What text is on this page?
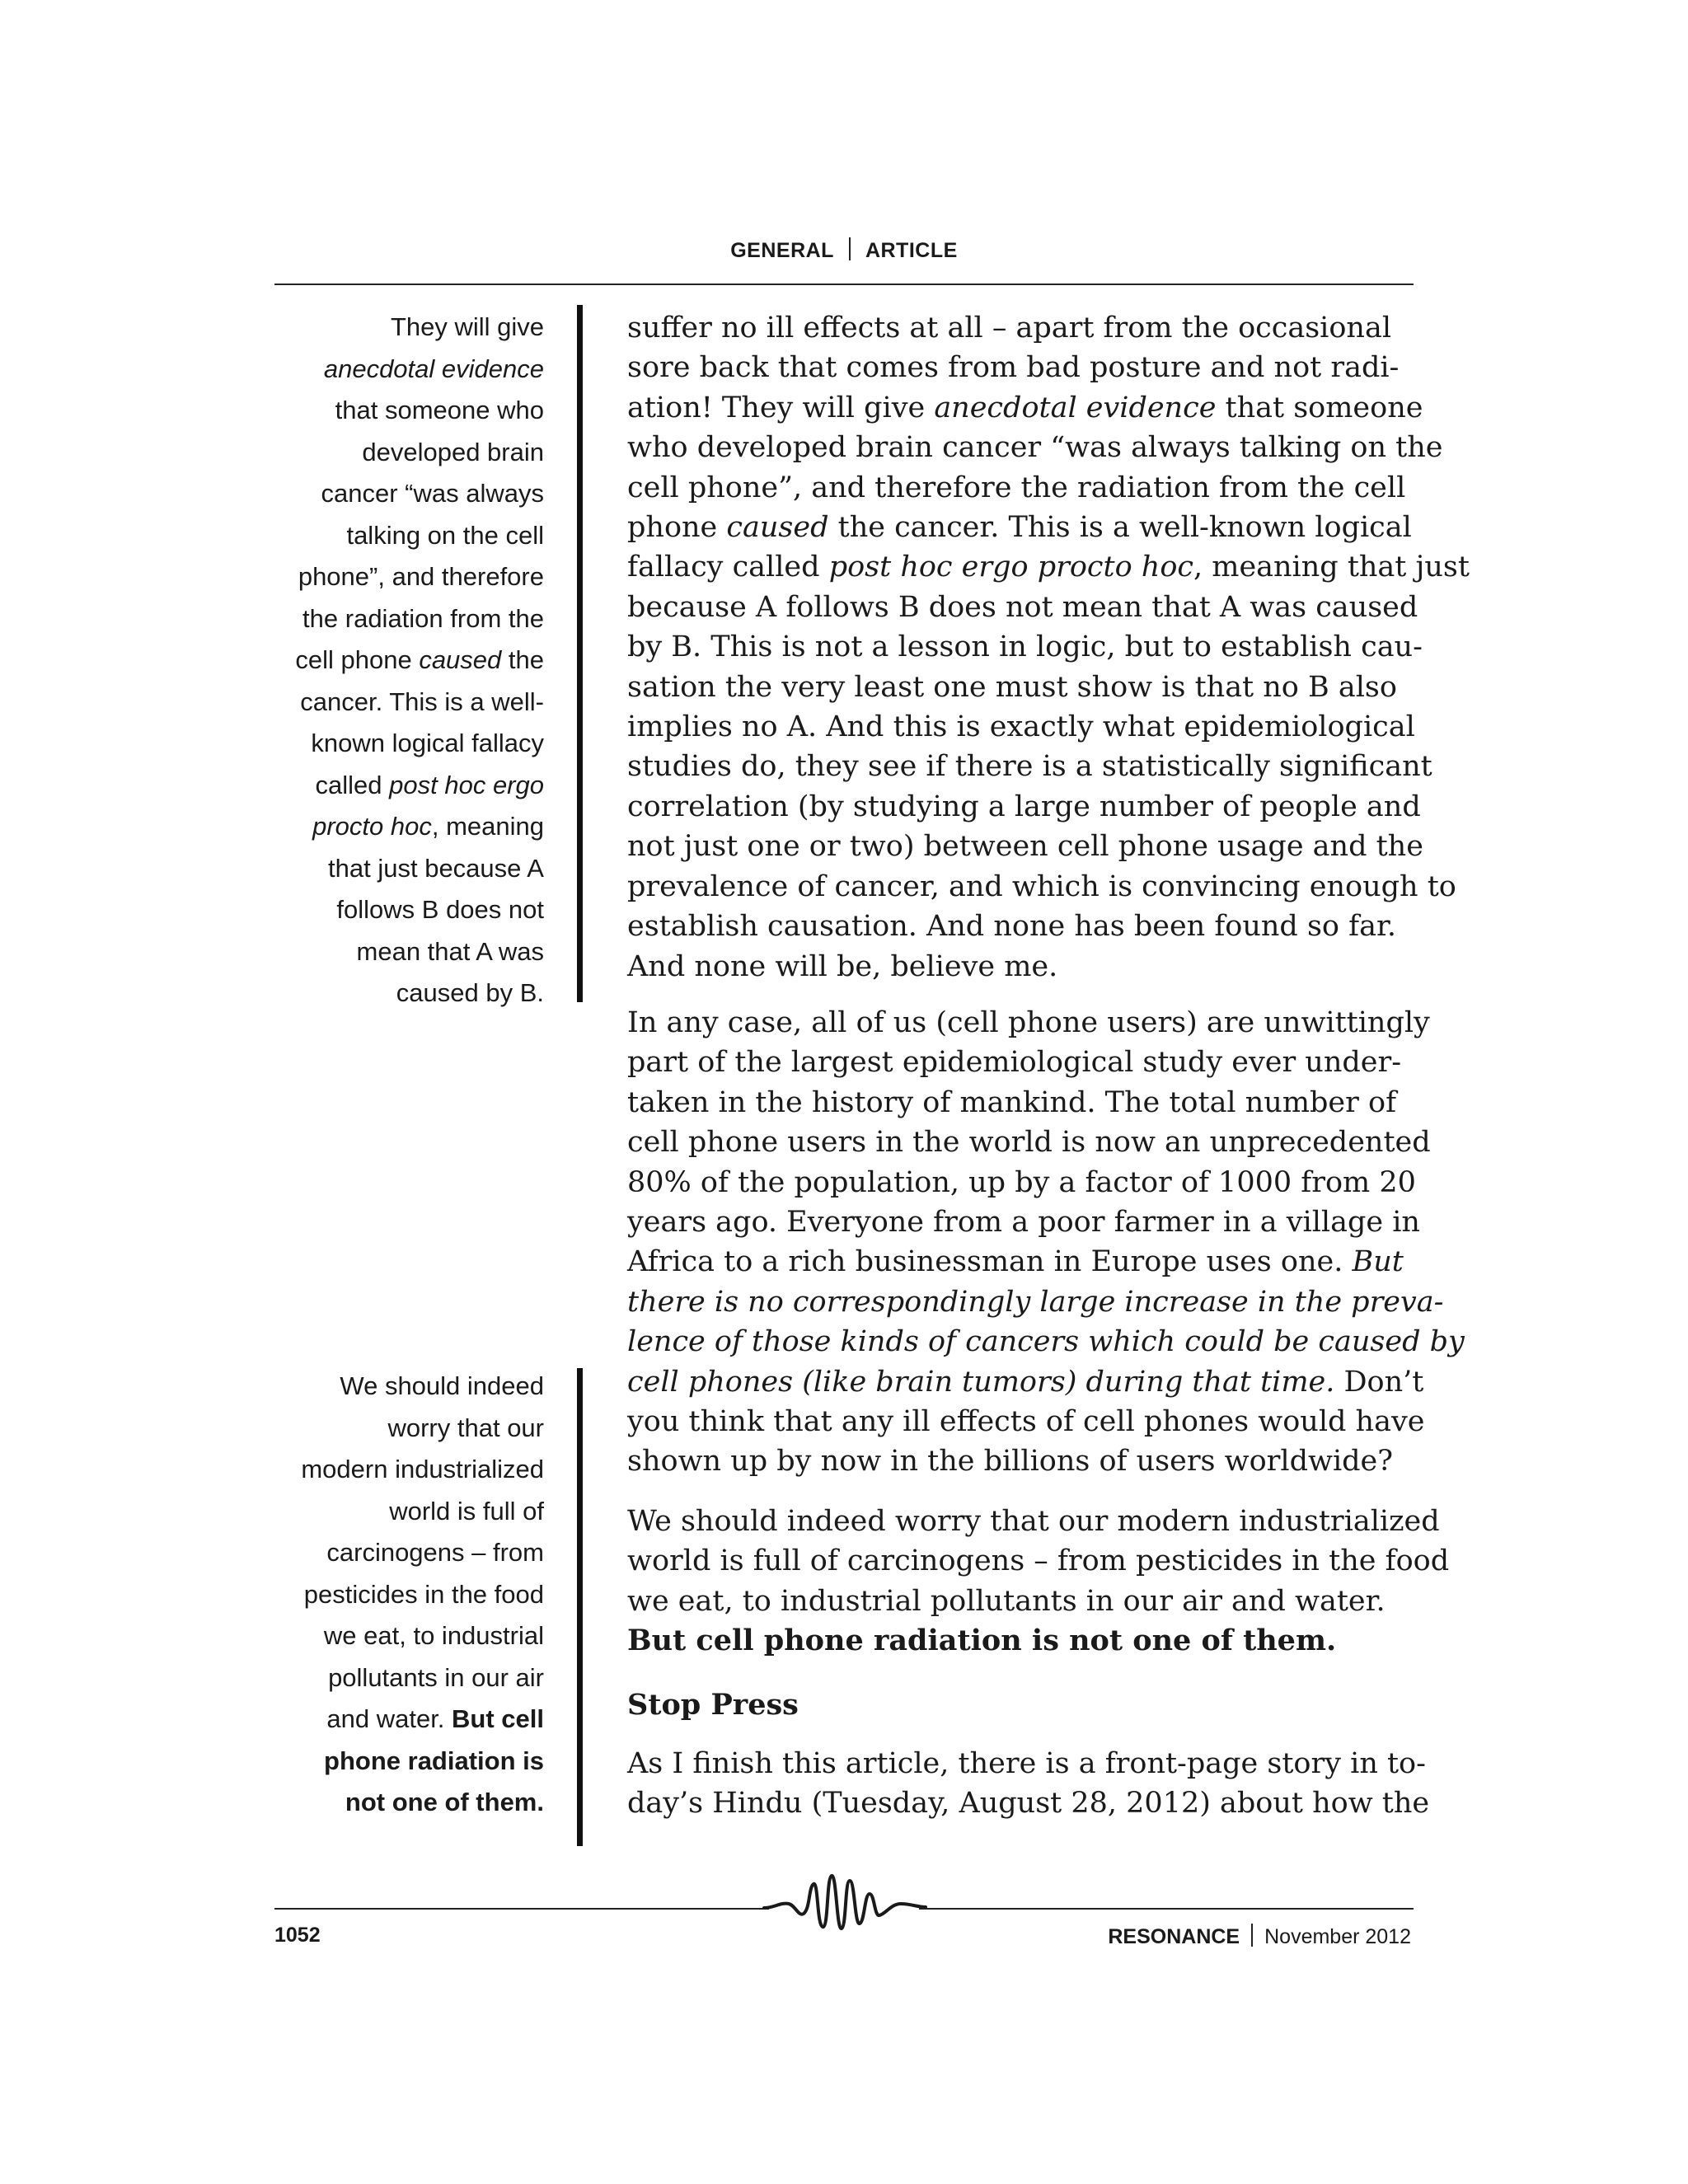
GENERAL ARTICLE
They will give
anecdotal evidence
that someone who
developed brain
cancer “was always
talking on the cell
phone”, and therefore
the radiation from the
cell phone caused the
cancer. This is a well-
known logical fallacy
called post hoc ergo
procto hoc, meaning
that just because A
follows B does not
mean that A was
caused by B.
We should indeed
worry that our
modern industrialized
world is full of
carcinogens – from
pesticides in the food
we eat, to industrial
pollutants in our air
and water. But cell
phone radiation is
not one of them.
suffer no ill effects at all – apart from the occasional
sore back that comes from bad posture and not radi-
ation! They will give anecdotal evidence that someone
who developed brain cancer “was always talking on the
cell phone”, and therefore the radiation from the cell
phone caused the cancer. This is a well-known logical
fallacy called post hoc ergo procto hoc, meaning that just
because A follows B does not mean that A was caused
by B. This is not a lesson in logic, but to establish cau-
sation the very least one must show is that no B also
implies no A. And this is exactly what epidemiological
studies do, they see if there is a statistically significant
correlation (by studying a large number of people and
not just one or two) between cell phone usage and the
prevalence of cancer, and which is convincing enough to
establish causation. And none has been found so far.
And none will be, believe me.
In any case, all of us (cell phone users) are unwittingly
part of the largest epidemiological study ever under-
taken in the history of mankind. The total number of
cell phone users in the world is now an unprecedented
80% of the population, up by a factor of 1000 from 20
years ago. Everyone from a poor farmer in a village in
Africa to a rich businessman in Europe uses one. But
there is no correspondingly large increase in the preva-
lence of those kinds of cancers which could be caused by
cell phones (like brain tumors) during that time. Don’t
you think that any ill effects of cell phones would have
shown up by now in the billions of users worldwide?
We should indeed worry that our modern industrialized
world is full of carcinogens – from pesticides in the food
we eat, to industrial pollutants in our air and water.
But cell phone radiation is not one of them.
Stop Press
As I finish this article, there is a front-page story in to-
day’s Hindu (Tuesday, August 28, 2012) about how the
1052	RESONANCE November 2012
